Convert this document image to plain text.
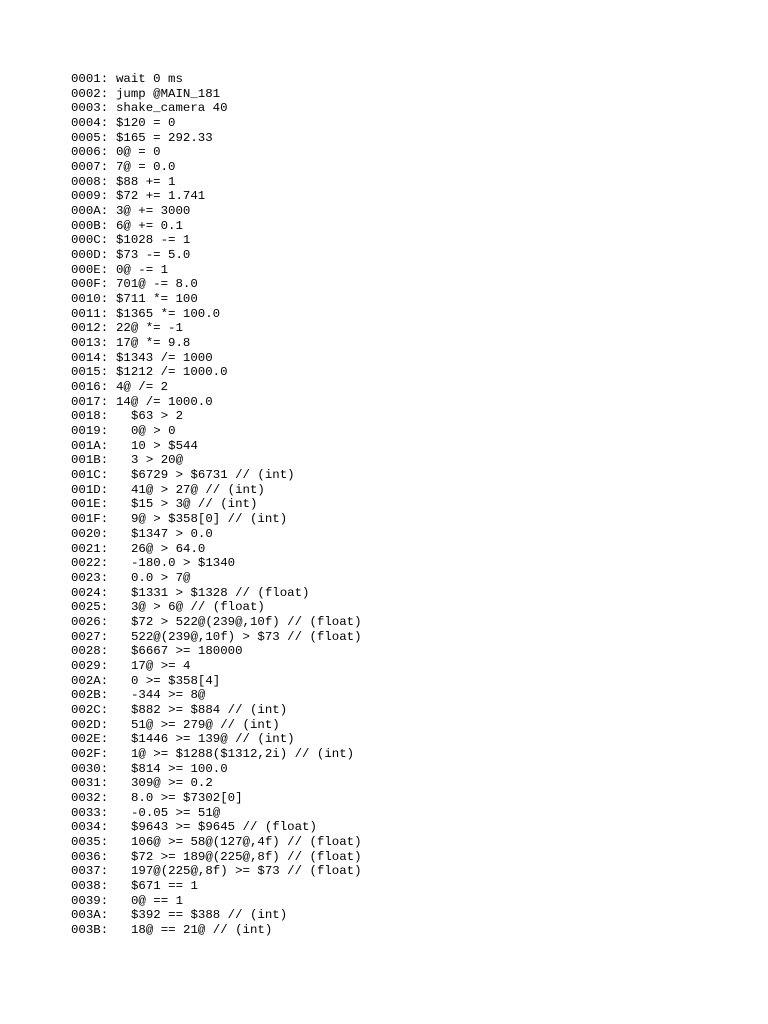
0001: wait 0 ms
0002: jump @MAIN_181
0003: shake_camera 40
0004: $120 = 0
0005: $165 = 292.33
0006: 0@ = 0
0007: 7@ = 0.0
0008: $88 += 1
0009: $72 += 1.741
000A: 3@ += 3000
000B: 6@ += 0.1
000C: $1028 -= 1
000D: $73 -= 5.0
000E: 0@ -= 1
000F: 701@ -= 8.0
0010: $711 *= 100
0011: $1365 *= 100.0
0012: 22@ *= -1
0013: 17@ *= 9.8
0014: $1343 /= 1000
0015: $1212 /= 1000.0
0016: 4@ /= 2
0017: 14@ /= 1000.0
0018: $63 > 2
0019: 0@ > 0
001A: 10 > $544
001B: 3 > 20@
001C: $6729 > $6731 // (int)
001D: 41@ > 27@ // (int)
001E: $15 > 3@ // (int)
001F: 9@ > $358[0] // (int)
0020: $1347 > 0.0
0021: 26@ > 64.0
0022: -180.0 > $1340
0023: 0.0 > 7@
0024: $1331 > $1328 // (float)
0025: 3@ > 6@ // (float)
0026: $72 > 522@(239@,10f) // (float)
0027: 522@(239@,10f) > $73 // (float)
0028: $6667 >= 180000
0029: 17@ >= 4
002A: 0 >= $358[4]
002B: -344 >= 8@
002C: $882 >= $884 // (int)
002D: 51@ >= 279@ // (int)
002E: $1446 >= 139@ // (int)
002F: 1@ >= $1288($1312,2i) // (int)
0030: $814 >= 100.0
0031: 309@ >= 0.2
0032: 8.0 >= $7302[0]
0033: -0.05 >= 51@
0034: $9643 >= $9645 // (float)
0035: 106@ >= 58@(127@,4f) // (float)
0036: $72 >= 189@(225@,8f) // (float)
0037: 197@(225@,8f) >= $73 // (float)
0038: $671 == 1
0039: 0@ == 1
003A: $392 == $388 // (int)
003B: 18@ == 21@ // (int)
